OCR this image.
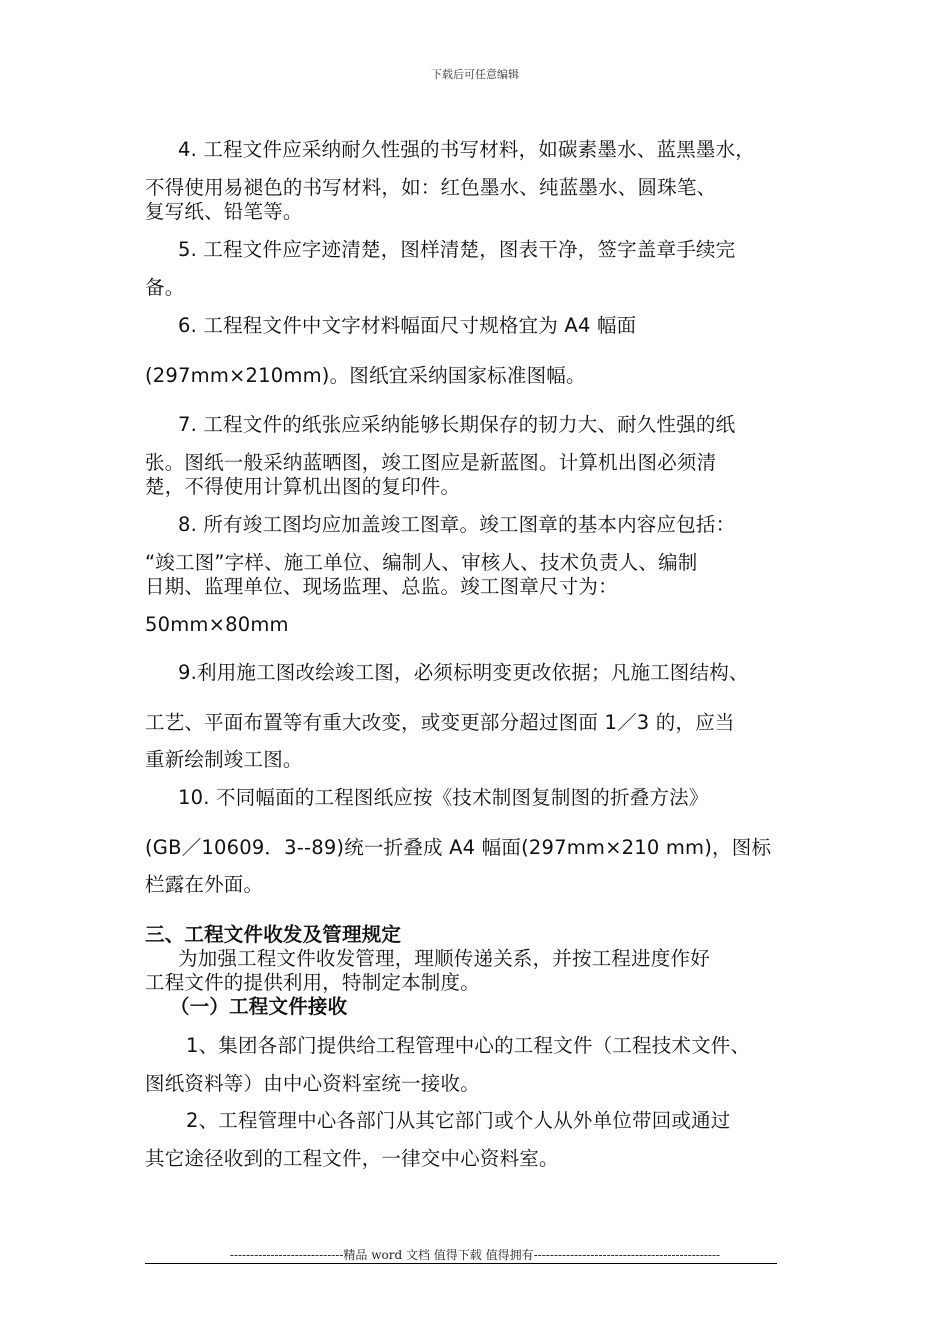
下载后可任意编辑
4. 工程文件应采纳耐久性强的书写材料，如碳素墨水、蓝黑墨水，
不得使用易褪色的书写材料，如：红色墨水、纯蓝墨水、圆珠笔、
复写纸、铅笔等。
5. 工程文件应字迹清楚，图样清楚，图表干净，签字盖章手续完
备。
6. 工程程文件中文字材料幅面尺寸规格宜为 A4 幅面
(297mm×210mm)。图纸宜采纳国家标准图幅。
7. 工程文件的纸张应采纳能够长期保存的韧力大、耐久性强的纸
张。图纸一般采纳蓝晒图，竣工图应是新蓝图。计算机出图必须清
楚，不得使用计算机出图的复印件。
8. 所有竣工图均应加盖竣工图章。竣工图章的基本内容应包括：
“竣工图”字样、施工单位、编制人、审核人、技术负责人、编制
日期、监理单位、现场监理、总监。竣工图章尺寸为：
50mm×80mm
9.利用施工图改绘竣工图，必须标明变更改依据；凡施工图结构、
工艺、平面布置等有重大改变，或变更部分超过图面 1／3 的，应当
重新绘制竣工图。
10. 不同幅面的工程图纸应按《技术制图复制图的折叠方法》
(GB／10609．3--89)统一折叠成 A4 幅面(297mm×210 mm)，图标
栏露在外面。
三、工程文件收发及管理规定
为加强工程文件收发管理，理顺传递关系，并按工程进度作好
工程文件的提供利用，特制定本制度。
（一）工程文件接收
1、集团各部门提供给工程管理中心的工程文件（工程技术文件、
图纸资料等）由中心资料室统一接收。
2、工程管理中心各部门从其它部门或个人从外单位带回或通过
其它途径收到的工程文件，一律交中心资料室。
----------------------------精品 word 文档 值得下载 值得拥有----------------------------------------------
